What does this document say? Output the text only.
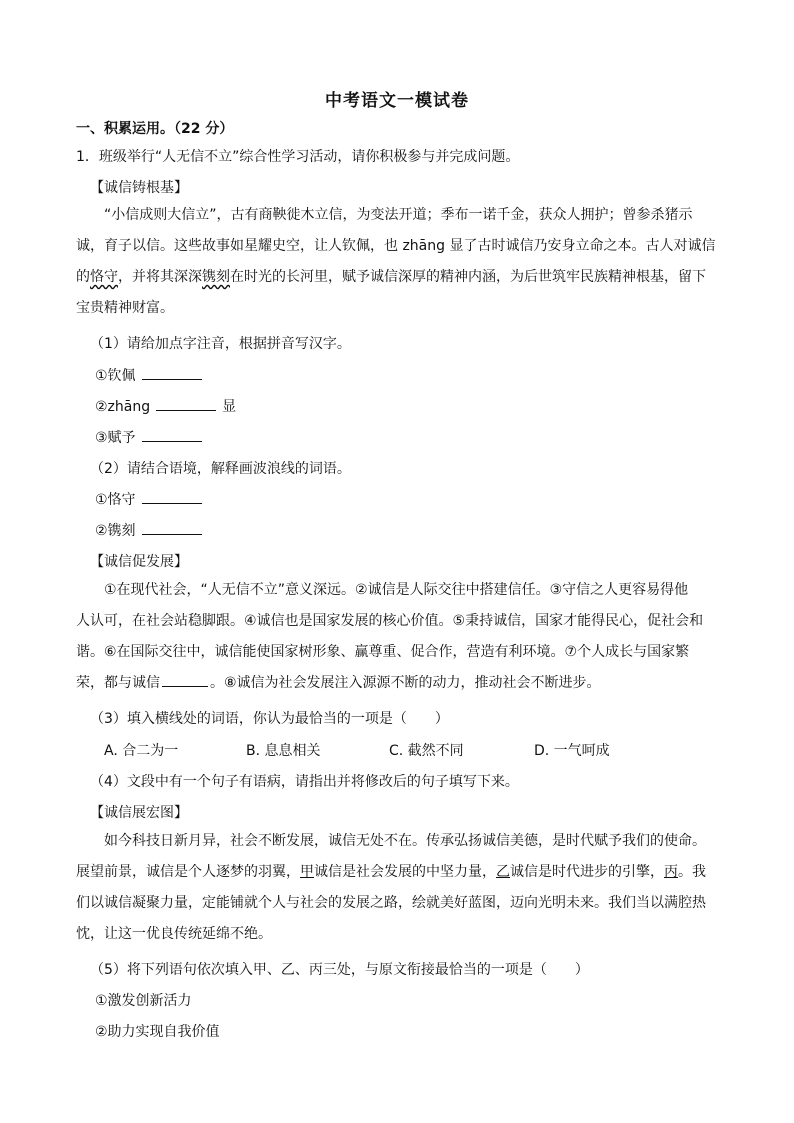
中考语文一模试卷
一、积累运用。（22 分）
1．班级举行“人无信不立”综合性学习活动，请你积极参与并完成问题。
【诚信铸根基】

“小信成则大信立”，古有商鞅徙木立信，为变法开道；季布一诺千金，获众人拥护；曾参杀猪示

诚，育子以信。这些故事如星耀史空，让人钦佩，也 zhāng 显了古时诚信乃安身立命之本。古人对诚信
的恪守，并将其深深镌刻在时光的长河里，赋予诚信深厚的精神内涵，为后世筑牢民族精神根基，留下
宝贵精神财富。
（1）请给加点字注音，根据拼音写汉字。
①钦佩
②zhāng	显
③赋予
（2）请结合语境，解释画波浪线的词语。
①恪守
②镌刻
【诚信促发展】

①在现代社会，“人无信不立”意义深远。②诚信是人际交往中搭建信任。③守信之人更容易得他

人认可，在社会站稳脚跟。④诚信也是国家发展的核心价值。⑤秉持诚信，国家才能得民心，促社会和
谐。⑥在国际交往中，诚信能使国家树形象、赢尊重、促合作，营造有利环境。⑦个人成长与国家繁
荣，都与诚信	。⑧诚信为社会发展注入源源不断的动力，推动社会不断进步。
（3）填入横线处的词语，你认为最恰当的一项是（　　）
A. 合二为一	B. 息息相关	C. 截然不同	D. 一气呵成
（4）文段中有一个句子有语病，请指出并将修改后的句子填写下来。
【诚信展宏图】

如今科技日新月异，社会不断发展，诚信无处不在。传承弘扬诚信美德，是时代赋予我们的使命。

展望前景，诚信是个人逐梦的羽翼，甲诚信是社会发展的中坚力量，乙诚信是时代进步的引擎，丙。我
们以诚信凝聚力量，定能铺就个人与社会的发展之路，绘就美好蓝图，迈向光明未来。我们当以满腔热
忱，让这一优良传统延绵不绝。
（5）将下列语句依次填入甲、乙、丙三处，与原文衔接最恰当的一项是（　　）
①激发创新活力
②助力实现自我价值
